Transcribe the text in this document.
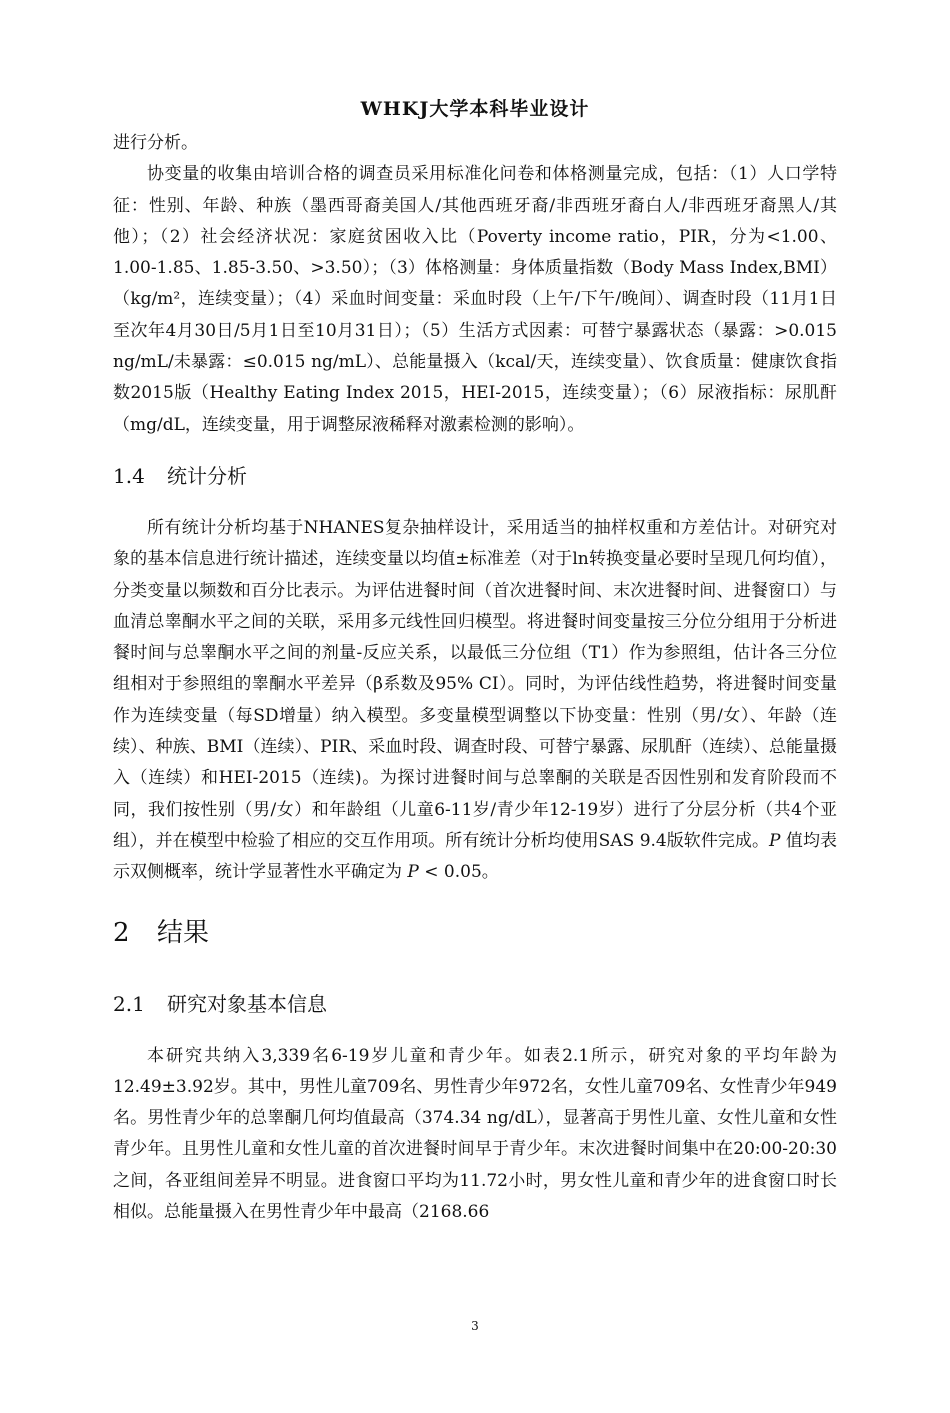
WHKJ大学本科毕业设计

进行分析。

协变量的收集由培训合格的调查员采用标准化问卷和体格测量完成，包括：（1）人口学特征：性别、年龄、种族（墨西哥裔美国人/其他西班牙裔/非西班牙裔白人/非西班牙裔黑人/其他）；（2）社会经济状况：家庭贫困收入比（Poverty income ratio，PIR，分为<1.00、1.00-1.85、1.85-3.50、>3.50）；（3）体格测量：身体质量指数（Body Mass Index,BMI）（kg/m²，连续变量）；（4）采血时间变量：采血时段（上午/下午/晚间）、调查时段（11月1日至次年4月30日/5月1日至10月31日）；（5）生活方式因素：可替宁暴露状态（暴露：>0.015 ng/mL/未暴露：≤0.015 ng/mL）、总能量摄入（kcal/天，连续变量）、饮食质量：健康饮食指数2015版（Healthy Eating Index 2015，HEI-2015，连续变量）；（6）尿液指标：尿肌酐（mg/dL，连续变量，用于调整尿液稀释对激素检测的影响）。

1.4 统计分析

所有统计分析均基于NHANES复杂抽样设计，采用适当的抽样权重和方差估计。对研究对象的基本信息进行统计描述，连续变量以均值±标准差（对于ln转换变量必要时呈现几何均值），分类变量以频数和百分比表示。为评估进餐时间（首次进餐时间、末次进餐时间、进餐窗口）与血清总睾酮水平之间的关联，采用多元线性回归模型。将进餐时间变量按三分位分组用于分析进餐时间与总睾酮水平之间的剂量-反应关系，以最低三分位组（T1）作为参照组，估计各三分位组相对于参照组的睾酮水平差异（β系数及95% CI）。同时，为评估线性趋势，将进餐时间变量作为连续变量（每SD增量）纳入模型。多变量模型调整以下协变量：性别（男/女）、年龄（连续）、种族、BMI（连续）、PIR、采血时段、调查时段、可替宁暴露、尿肌酐（连续）、总能量摄入（连续）和HEI-2015（连续)。为探讨进餐时间与总睾酮的关联是否因性别和发育阶段而不同，我们按性别（男/女）和年龄组（儿童6-11岁/青少年12-19岁）进行了分层分析（共4个亚组），并在模型中检验了相应的交互作用项。所有统计分析均使用SAS 9.4版软件完成。P 值均表示双侧概率，统计学显著性水平确定为 P < 0.05。

2 结果
2.1 研究对象基本信息

本研究共纳入3,339名6-19岁儿童和青少年。如表2.1所示，研究对象的平均年龄为12.49±3.92岁。其中，男性儿童709名、男性青少年972名，女性儿童709名、女性青少年949名。男性青少年的总睾酮几何均值最高（374.34 ng/dL），显著高于男性儿童、女性儿童和女性青少年。且男性儿童和女性儿童的首次进餐时间早于青少年。末次进餐时间集中在20:00-20:30之间，各亚组间差异不明显。进食窗口平均为11.72小时，男女性儿童和青少年的进食窗口时长相似。总能量摄入在男性青少年中最高（2168.66

3
